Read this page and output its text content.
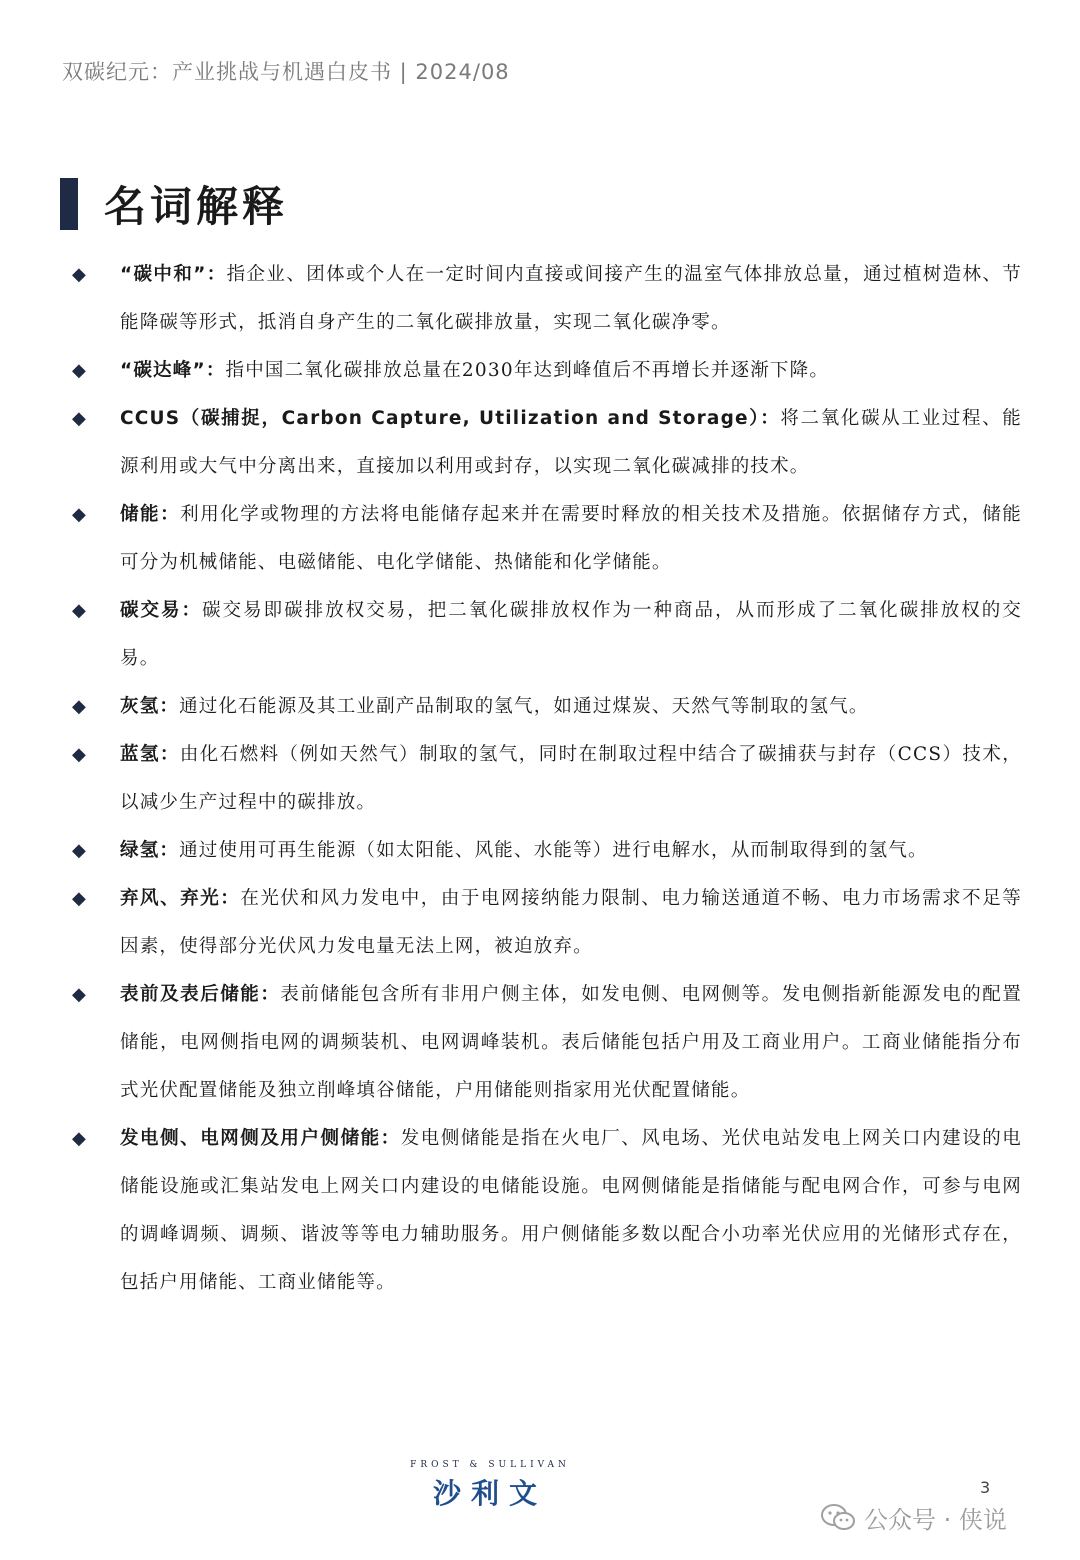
双碳纪元：产业挑战与机遇白皮书 | 2024/08
名词解释
◆	“碳中和”：指企业、团体或个人在一定时间内直接或间接产生的温室气体排放总量，通过植树造林、节能降碳等形式，抵消自身产生的二氧化碳排放量，实现二氧化碳净零。
◆	“碳达峰”：指中国二氧化碳排放总量在2030年达到峰值后不再增长并逐渐下降。
◆	CCUS（碳捕捉，Carbon Capture, Utilization and Storage）：将二氧化碳从工业过程、能源利用或大气中分离出来，直接加以利用或封存，以实现二氧化碳减排的技术。
◆	储能：利用化学或物理的方法将电能储存起来并在需要时释放的相关技术及措施。依据储存方式，储能可分为机械储能、电磁储能、电化学储能、热储能和化学储能。
◆	碳交易：碳交易即碳排放权交易，把二氧化碳排放权作为一种商品，从而形成了二氧化碳排放权的交易。
◆	灰氢：通过化石能源及其工业副产品制取的氢气，如通过煤炭、天然气等制取的氢气。
◆	蓝氢：由化石燃料（例如天然气）制取的氢气，同时在制取过程中结合了碳捕获与封存（CCS）技术，以减少生产过程中的碳排放。
◆	绿氢：通过使用可再生能源（如太阳能、风能、水能等）进行电解水，从而制取得到的氢气。
◆	弃风、弃光：在光伏和风力发电中，由于电网接纳能力限制、电力输送通道不畅、电力市场需求不足等因素，使得部分光伏风力发电量无法上网，被迫放弃。
◆	表前及表后储能：表前储能包含所有非用户侧主体，如发电侧、电网侧等。发电侧指新能源发电的配置储能，电网侧指电网的调频装机、电网调峰装机。表后储能包括户用及工商业用户。工商业储能指分布式光伏配置储能及独立削峰填谷储能，户用储能则指家用光伏配置储能。
◆	发电侧、电网侧及用户侧储能：发电侧储能是指在火电厂、风电场、光伏电站发电上网关口内建设的电储能设施或汇集站发电上网关口内建设的电储能设施。电网侧储能是指储能与配电网合作，可参与电网的调峰调频、调频、谐波等等电力辅助服务。用户侧储能多数以配合小功率光伏应用的光储形式存在，包括户用储能、工商业储能等。
FROST & SULLIVAN
沙利文	3
公众号 · 侠说
